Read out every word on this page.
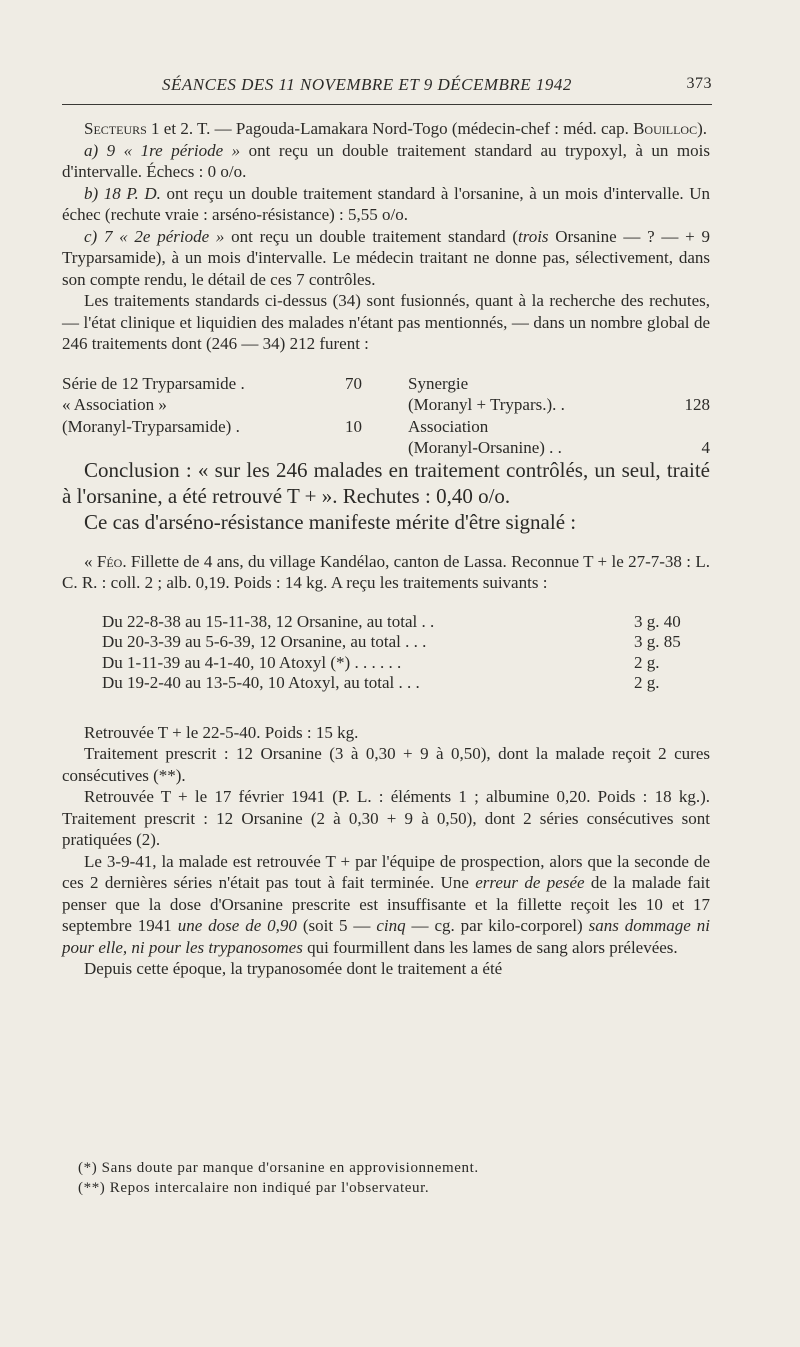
SÉANCES DES 11 NOVEMBRE ET 9 DÉCEMBRE 1942	373

Secteurs 1 et 2. T. — Pagouda-Lamakara Nord-Togo (médecin-chef : méd. cap. Bouilloc).

a) 9 « 1re période » ont reçu un double traitement standard au trypoxyl, à un mois d'intervalle. Échecs : 0 o/o.

b) 18 P. D. ont reçu un double traitement standard à l'orsanine, à un mois d'intervalle. Un échec (rechute vraie : arséno-résistance) : 5,55 o/o.

c) 7 « 2e période » ont reçu un double traitement standard (trois Orsanine — ? — + 9 Tryparsamide), à un mois d'intervalle. Le médecin traitant ne donne pas, sélectivement, dans son compte rendu, le détail de ces 7 contrôles.

Les traitements standards ci-dessus (34) sont fusionnés, quant à la recherche des rechutes, — l'état clinique et liquidien des malades n'étant pas mentionnés, — dans un nombre global de 246 traitements dont (246 — 34) 212 furent :

Série de 12 Tryparsamide .	70
« Association »
(Moranyl-Tryparsamide) .	10
Synergie
(Moranyl + Trypars.). .	128
Association
(Moranyl-Orsanine) . .	4

Conclusion : « sur les 246 malades en traitement contrôlés, un seul, traité à l'orsanine, a été retrouvé T + ». Rechutes : 0,40 o/o.

Ce cas d'arséno-résistance manifeste mérite d'être signalé :

« Féo. Fillette de 4 ans, du village Kandélao, canton de Lassa. Reconnue T + le 27-7-38 : L. C. R. : coll. 2 ; alb. 0,19. Poids : 14 kg. A reçu les traitements suivants :

Du 22-8-38 au 15-11-38, 12 Orsanine, au total . .	3 g. 40
Du 20-3-39 au 5-6-39, 12 Orsanine, au total . . .	3 g. 85
Du 1-11-39 au 4-1-40, 10 Atoxyl (*) . . . . . .	2 g.
Du 19-2-40 au 13-5-40, 10 Atoxyl, au total . . .	2 g.

Retrouvée T + le 22-5-40. Poids : 15 kg.

Traitement prescrit : 12 Orsanine (3 à 0,30 + 9 à 0,50), dont la malade reçoit 2 cures consécutives (**).

Retrouvée T + le 17 février 1941 (P. L. : éléments 1 ; albumine 0,20. Poids : 18 kg.). Traitement prescrit : 12 Orsanine (2 à 0,30 + 9 à 0,50), dont 2 séries consécutives sont pratiquées (2).

Le 3-9-41, la malade est retrouvée T + par l'équipe de prospection, alors que la seconde de ces 2 dernières séries n'était pas tout à fait terminée. Une erreur de pesée de la malade fait penser que la dose d'Orsanine prescrite est insuffisante et la fillette reçoit les 10 et 17 septembre 1941 une dose de 0,90 (soit 5 — cinq — cg. par kilo-corporel) sans dommage ni pour elle, ni pour les trypanosomes qui fourmillent dans les lames de sang alors prélevées.

Depuis cette époque, la trypanosomée dont le traitement a été

(*) Sans doute par manque d'orsanine en approvisionnement.
(**) Repos intercalaire non indiqué par l'observateur.
